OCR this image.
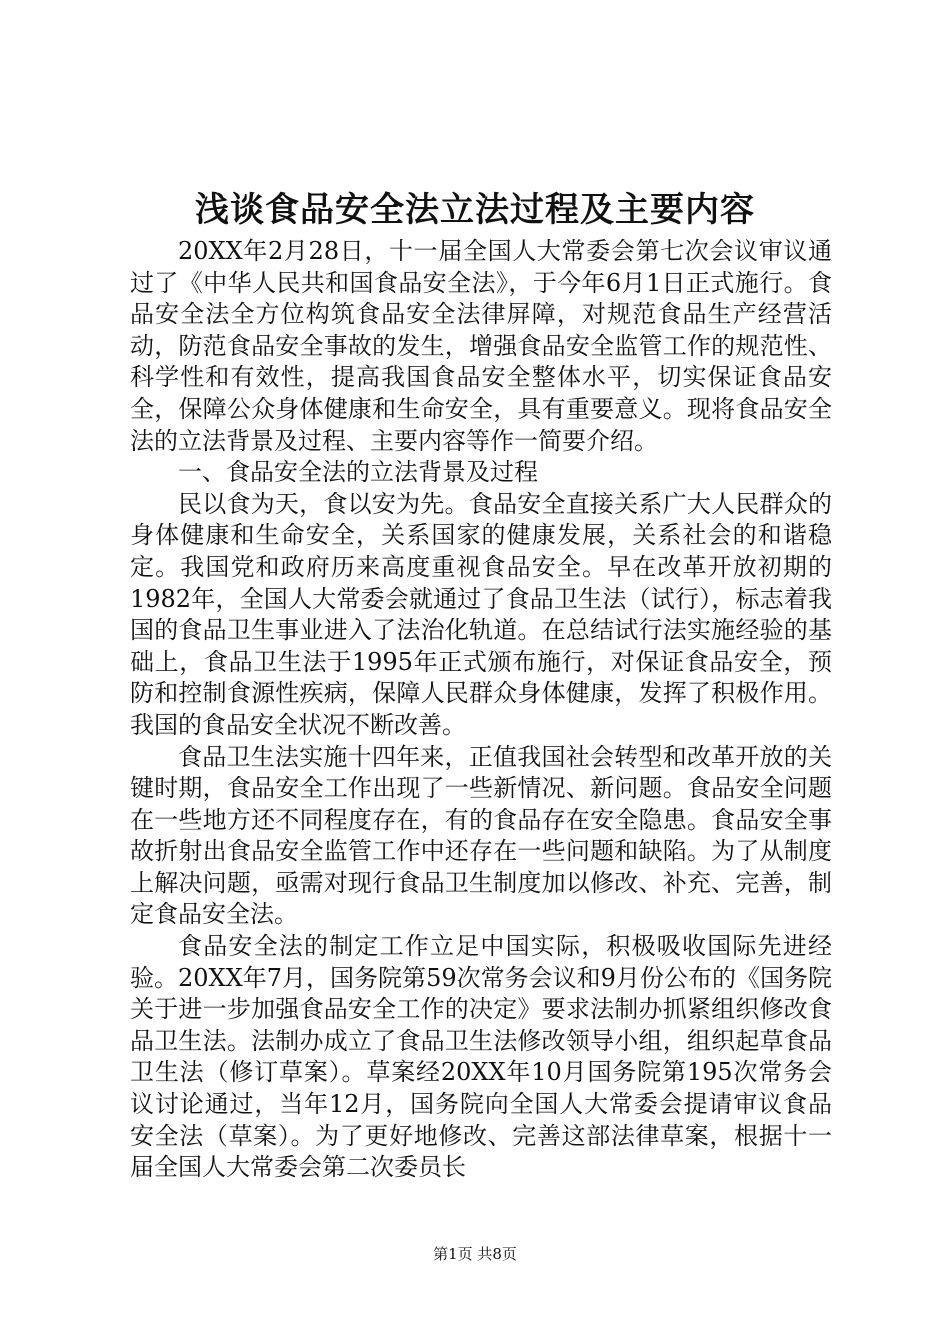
浅谈食品安全法立法过程及主要内容

20XX年2月28日，十一届全国人大常委会第七次会议审议通过了《中华人民共和国食品安全法》，于今年6月1日正式施行。食品安全法全方位构筑食品安全法律屏障，对规范食品生产经营活动，防范食品安全事故的发生，增强食品安全监管工作的规范性、科学性和有效性，提高我国食品安全整体水平，切实保证食品安全，保障公众身体健康和生命安全，具有重要意义。现将食品安全法的立法背景及过程、主要内容等作一简要介绍。

一、食品安全法的立法背景及过程

民以食为天，食以安为先。食品安全直接关系广大人民群众的身体健康和生命安全，关系国家的健康发展，关系社会的和谐稳定。我国党和政府历来高度重视食品安全。早在改革开放初期的1982年，全国人大常委会就通过了食品卫生法（试行），标志着我国的食品卫生事业进入了法治化轨道。在总结试行法实施经验的基础上，食品卫生法于1995年正式颁布施行，对保证食品安全，预防和控制食源性疾病，保障人民群众身体健康，发挥了积极作用。我国的食品安全状况不断改善。

食品卫生法实施十四年来，正值我国社会转型和改革开放的关键时期，食品安全工作出现了一些新情况、新问题。食品安全问题在一些地方还不同程度存在，有的食品存在安全隐患。食品安全事故折射出食品安全监管工作中还存在一些问题和缺陷。为了从制度上解决问题，亟需对现行食品卫生制度加以修改、补充、完善，制定食品安全法。

食品安全法的制定工作立足中国实际，积极吸收国际先进经验。20XX年7月，国务院第59次常务会议和9月份公布的《国务院关于进一步加强食品安全工作的决定》要求法制办抓紧组织修改食品卫生法。法制办成立了食品卫生法修改领导小组，组织起草食品卫生法（修订草案）。草案经20XX年10月国务院第195次常务会议讨论通过，当年12月，国务院向全国人大常委会提请审议食品安全法（草案）。为了更好地修改、完善这部法律草案，根据十一届全国人大常委会第二次委员长

第1页 共8页
